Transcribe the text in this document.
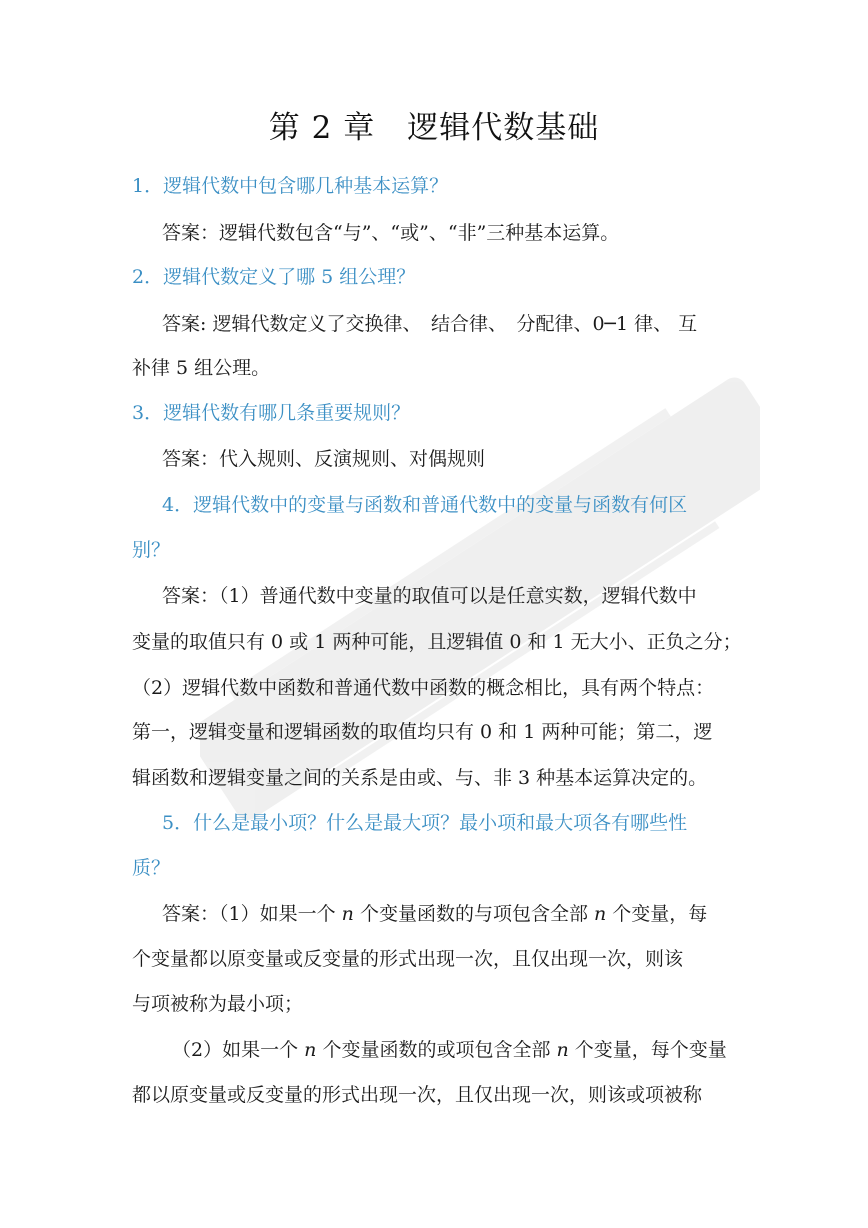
第 2 章　逻辑代数基础
1．逻辑代数中包含哪几种基本运算？
答案：逻辑代数包含“与”、“或”、“非”三种基本运算。
2．逻辑代数定义了哪 5 组公理？
答案: 逻辑代数定义了交换律、　结合律、　分配律、0─1 律、 互
补律 5 组公理。
3．逻辑代数有哪几条重要规则？
答案：代入规则、反演规则、对偶规则
4．逻辑代数中的变量与函数和普通代数中的变量与函数有何区
别？
答案：（1）普通代数中变量的取值可以是任意实数，逻辑代数中
变量的取值只有 0 或 1 两种可能，且逻辑值 0 和 1 无大小、正负之分；
（2）逻辑代数中函数和普通代数中函数的概念相比，具有两个特点：
第一，逻辑变量和逻辑函数的取值均只有 0 和 1 两种可能；第二，逻
辑函数和逻辑变量之间的关系是由或、与、非 3 种基本运算决定的。
5．什么是最小项？什么是最大项？最小项和最大项各有哪些性
质？
答案：（1）如果一个 n 个变量函数的与项包含全部 n 个变量，每
个变量都以原变量或反变量的形式出现一次，且仅出现一次，则该
与项被称为最小项；
（2）如果一个 n 个变量函数的或项包含全部 n 个变量，每个变量
都以原变量或反变量的形式出现一次，且仅出现一次，则该或项被称
